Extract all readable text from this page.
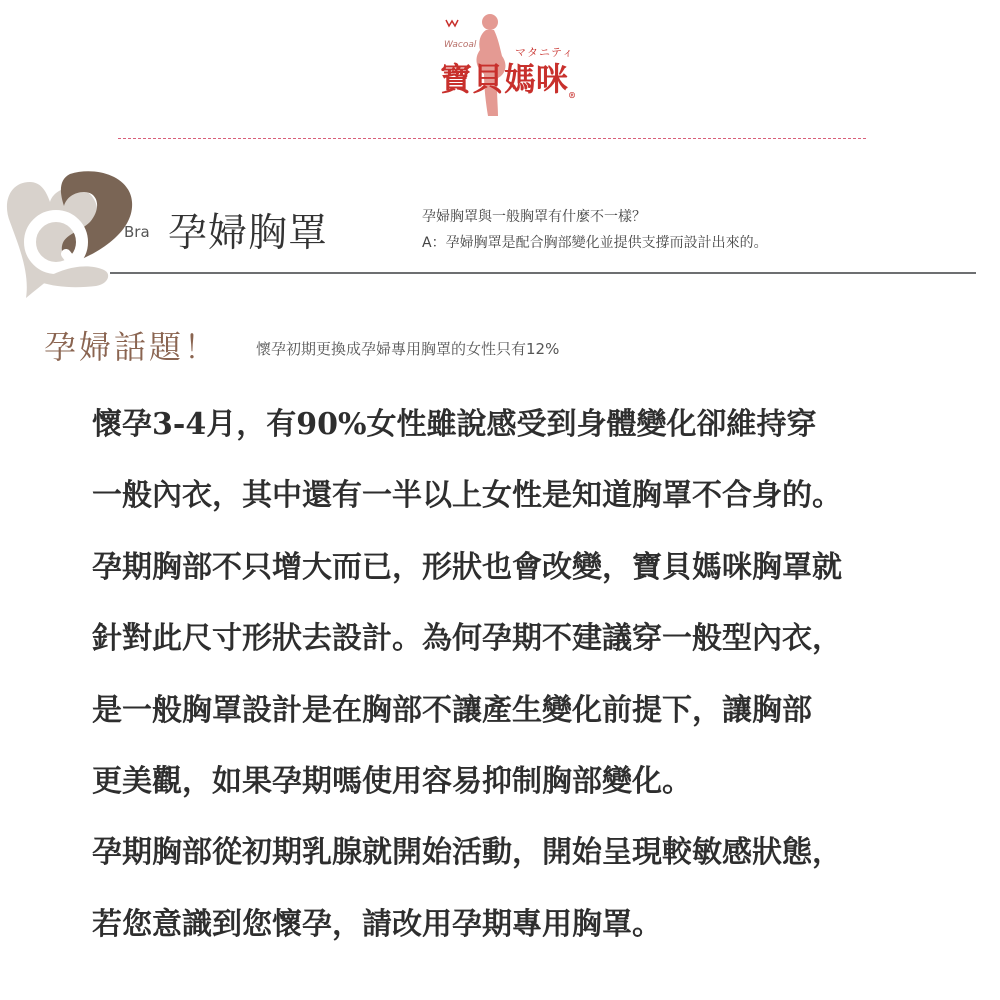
Wacoal
マタニティ
寶貝媽咪®
Bra 孕婦胸罩	孕婦胸罩與一般胸罩有什麼不一樣？
A：孕婦胸罩是配合胸部變化並提供支撐而設計出來的。
孕婦話題！ 懷孕初期更換成孕婦專用胸罩的女性只有12%
懷孕3-4月，有90%女性雖說感受到身體變化卻維持穿
一般內衣，其中還有一半以上女性是知道胸罩不合身的。
孕期胸部不只增大而已，形狀也會改變，寶貝媽咪胸罩就
針對此尺寸形狀去設計。為何孕期不建議穿一般型內衣，
是一般胸罩設計是在胸部不讓產生變化前提下，讓胸部
更美觀，如果孕期嗎使用容易抑制胸部變化。
孕期胸部從初期乳腺就開始活動，開始呈現較敏感狀態，
若您意識到您懷孕，請改用孕期專用胸罩。
